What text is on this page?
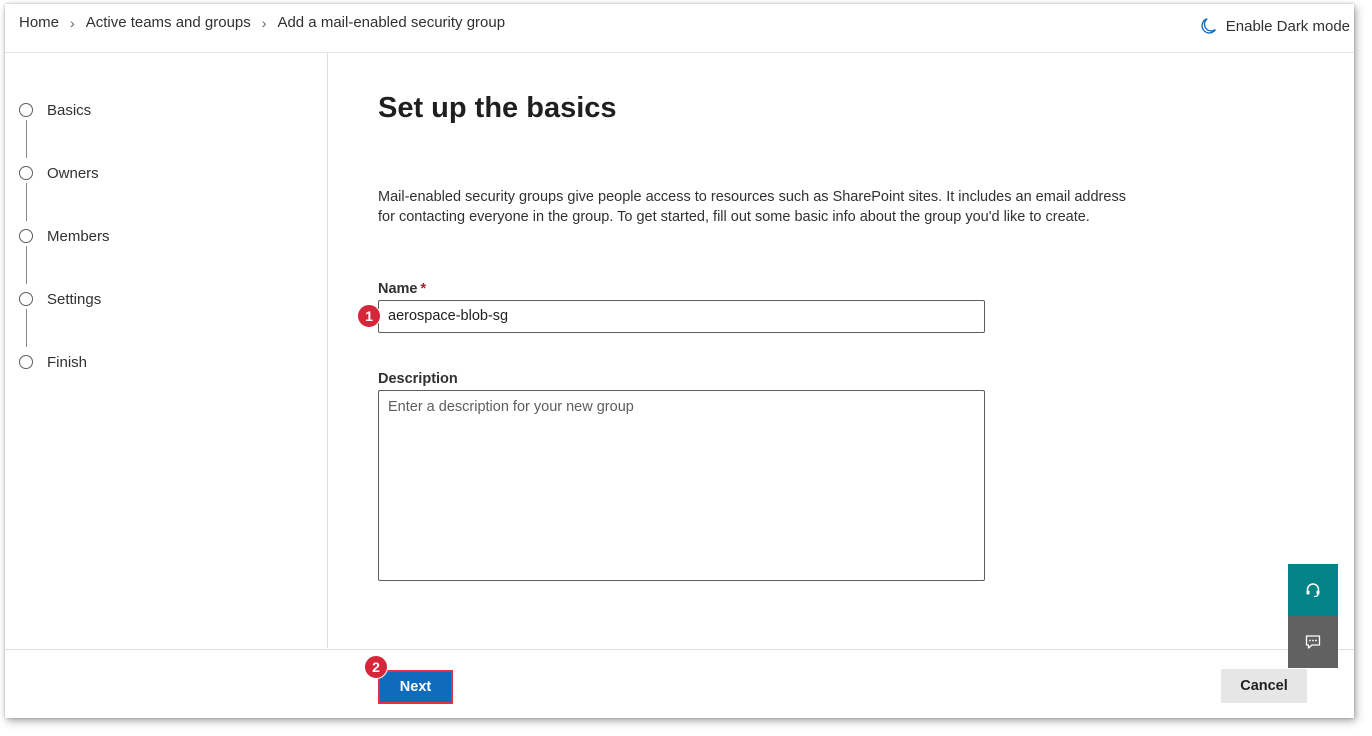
Home › Active teams and groups › Add a mail-enabled security group	Enable Dark mode
Basics
Owners
Members
Settings
Finish
Set up the basics
Mail-enabled security groups give people access to resources such as SharePoint sites. It includes an email address for contacting everyone in the group. To get started, fill out some basic info about the group you'd like to create.
Name *
aerospace-blob-sg
1
Description
Enter a description for your new group
Next
2
Cancel
